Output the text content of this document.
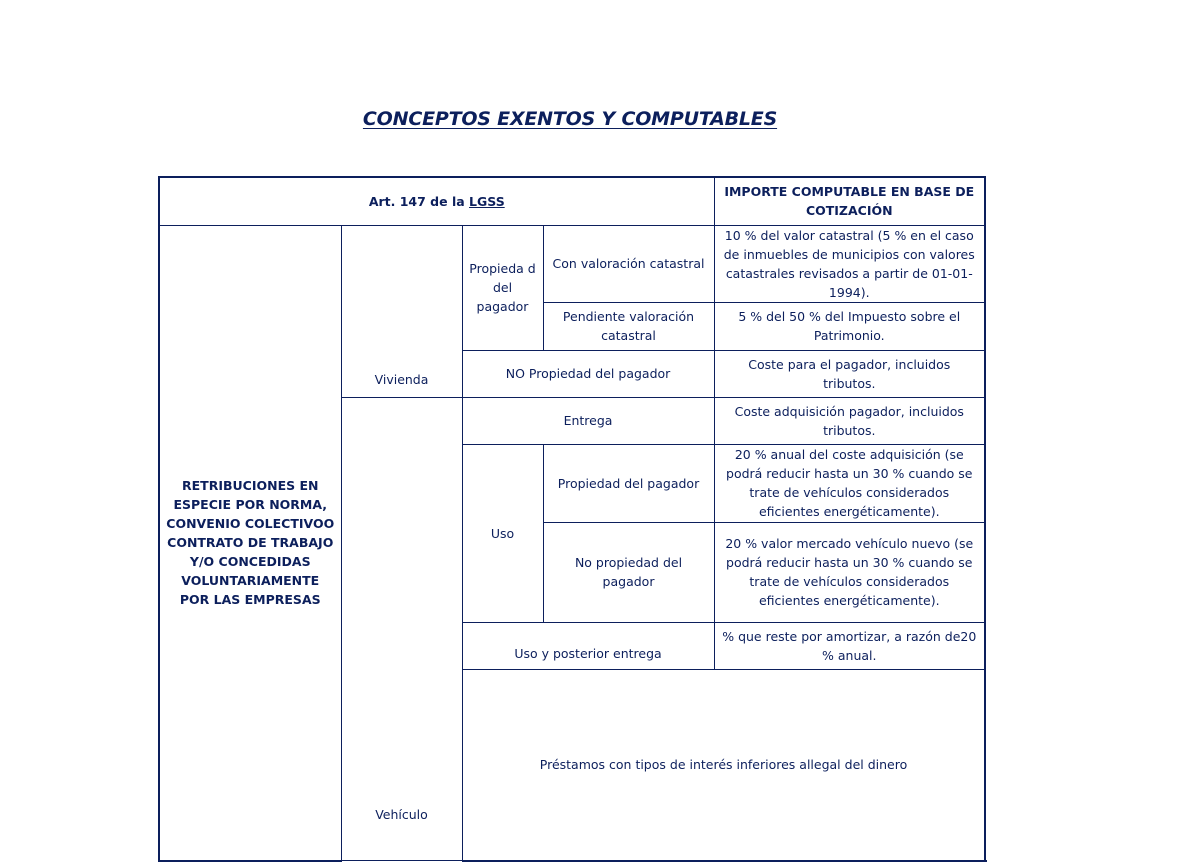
CONCEPTOS EXENTOS Y COMPUTABLES
Art. 147 de la LGSS				IMPORTE COMPUTABLE EN BASE DE COTIZACIÓN	
RETRIBUCIONES EN ESPECIE POR NORMA, CONVENIO COLECTIVOO CONTRATO DE TRABAJO Y/O CONCEDIDAS VOLUNTARIAMENTE POR LAS EMPRESAS	Vivienda	Propieda d del pagador	Con valoración catastral	10 % del valor catastral (5 % en el caso de inmuebles de municipios con valores catastrales revisados a partir de 01-01-1994).	
			Pendiente valoración catastral	5 % del 50 % del Impuesto sobre el Patrimonio.	
		NO Propiedad del pagador		Coste para el pagador, incluidos tributos.	
	Vehículo	Entrega		Coste adquisición pagador, incluidos tributos.	
		Uso	Propiedad del pagador	20 % anual del coste adquisición (se podrá reducir hasta un 30 % cuando se trate de vehículos considerados eficientes energéticamente).	
			No propiedad del pagador	20 % valor mercado vehículo nuevo (se podrá reducir hasta un 30 % cuando se trate de vehículos considerados eficientes energéticamente).	
		Uso y posterior entrega		% que reste por amortizar, a razón de20 % anual.	
		Préstamos con tipos de interés inferiores allegal del dinero	
